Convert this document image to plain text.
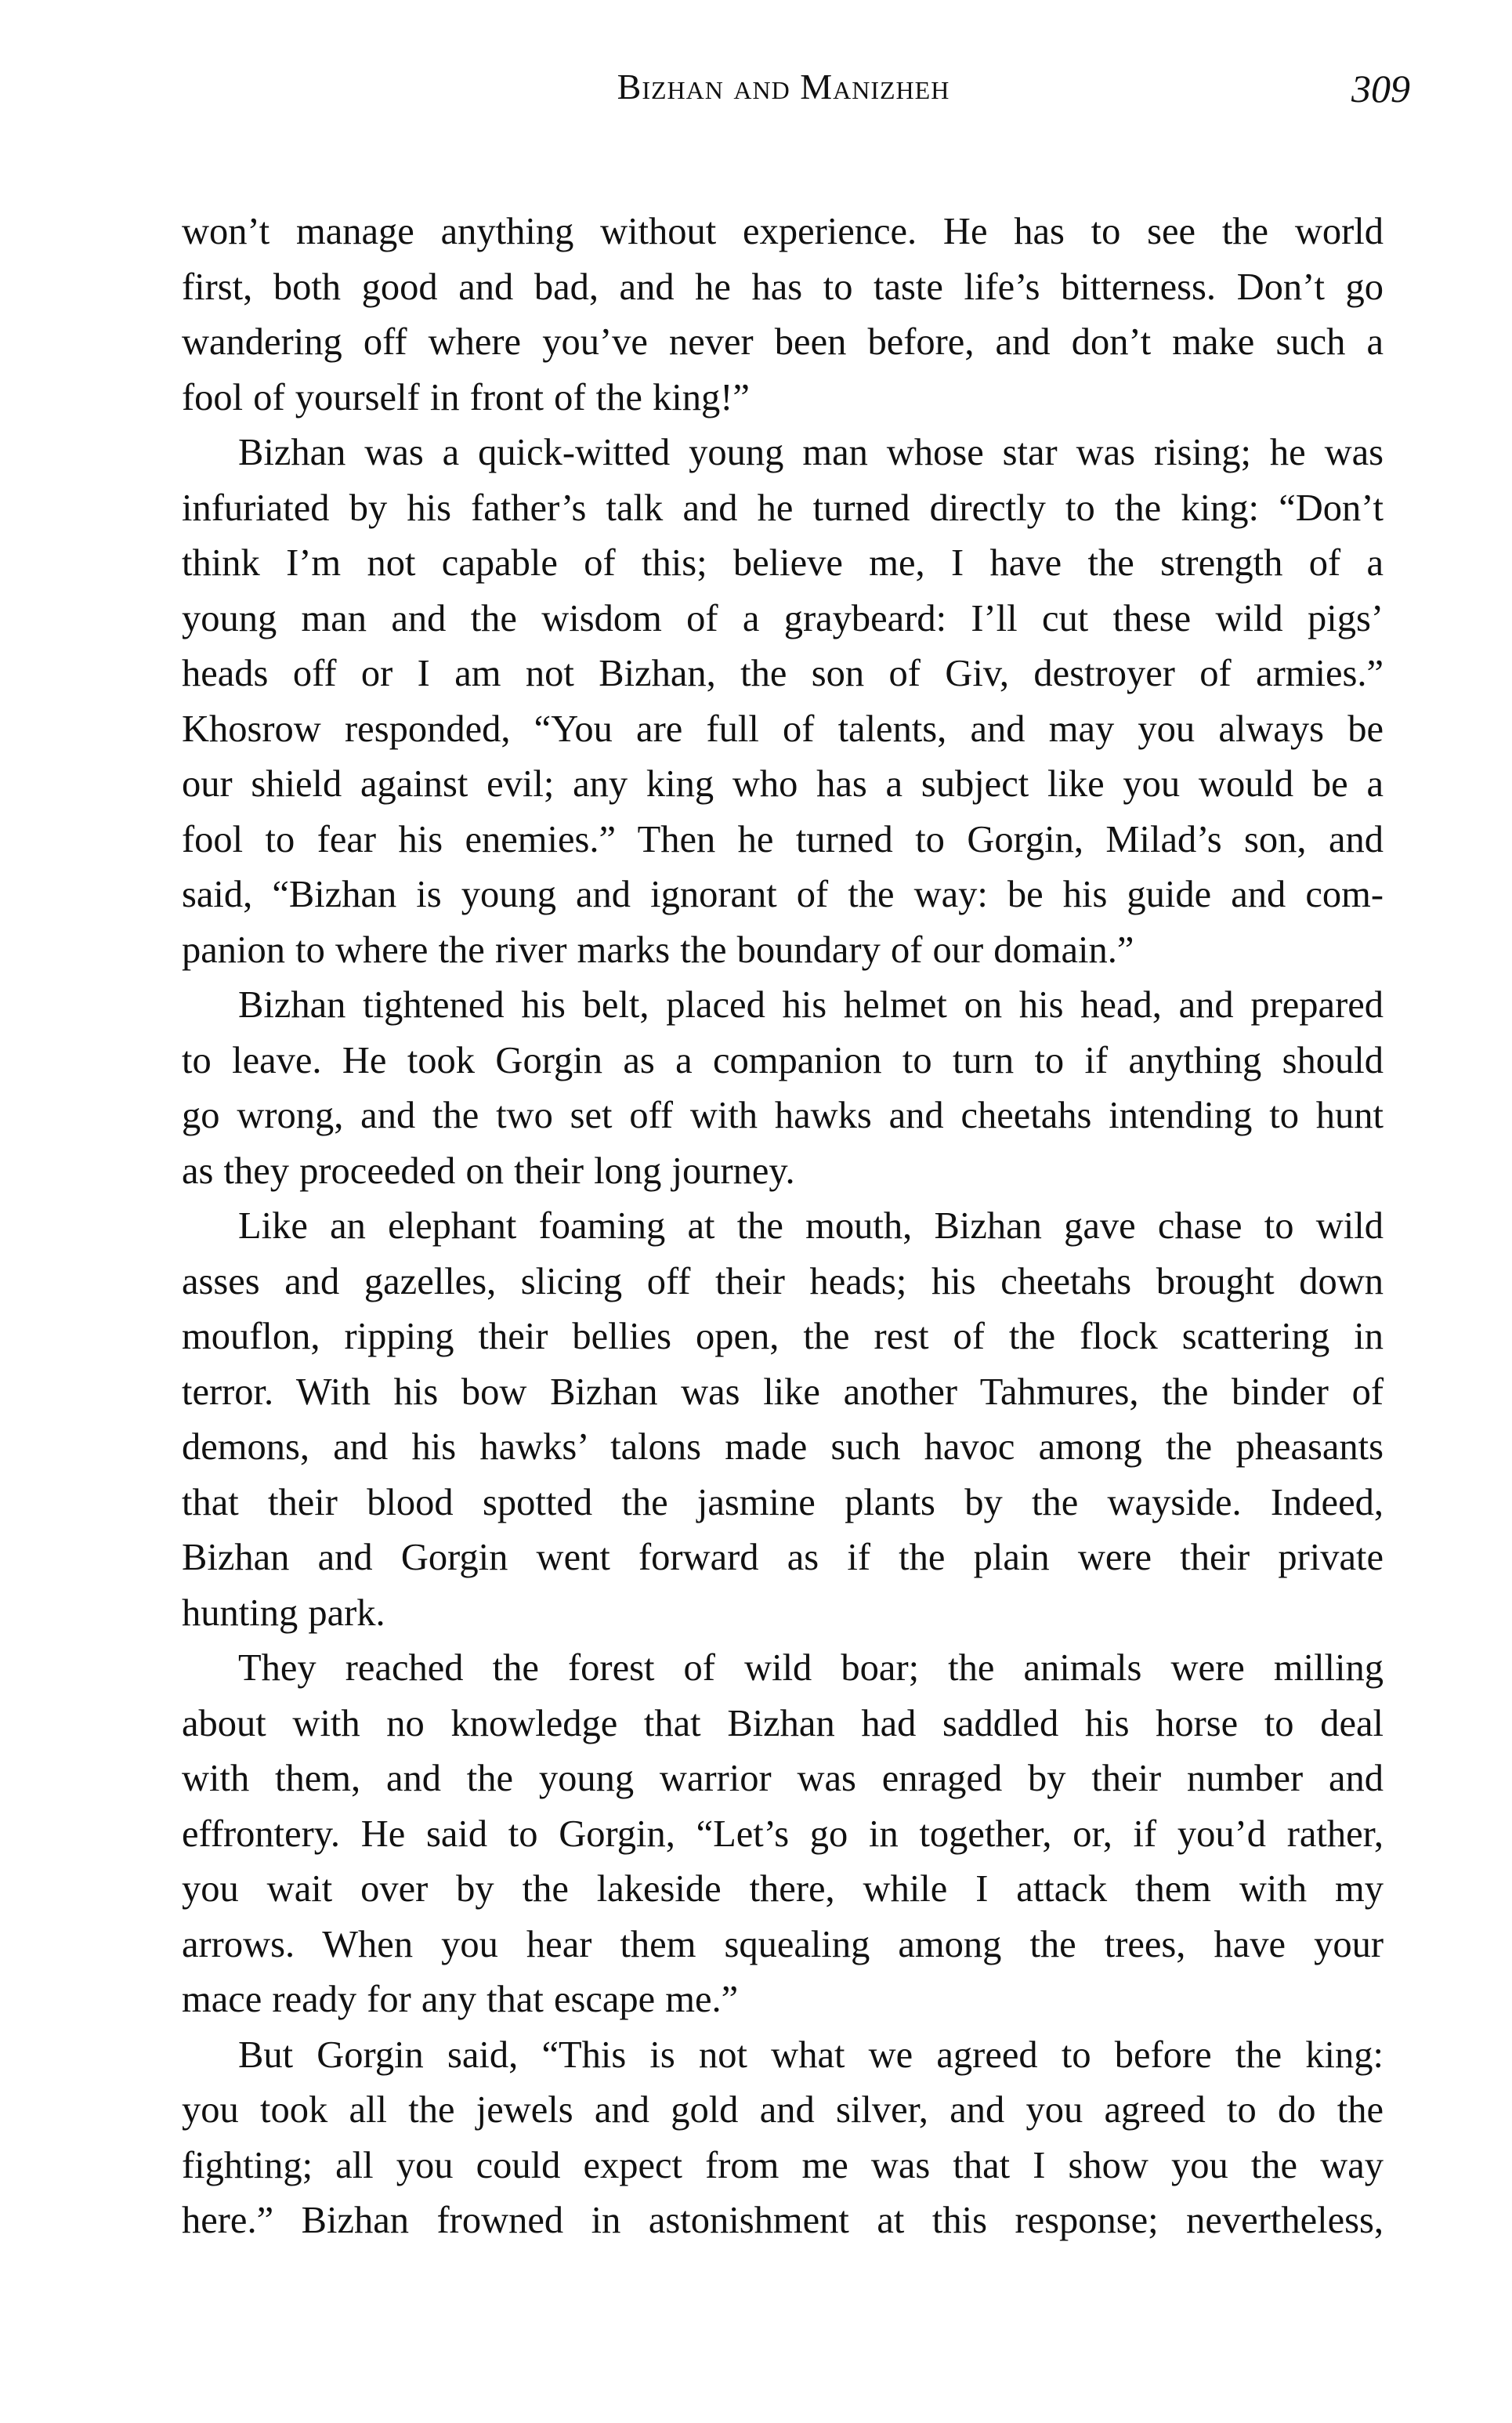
Bizhan and Manizheh	309
won’t manage anything without experience. He has to see the world
first, both good and bad, and he has to taste life’s bitterness. Don’t go
wandering off where you’ve never been before, and don’t make such a
fool of yourself in front of the king!”
Bizhan was a quick-witted young man whose star was rising; he was
infuriated by his father’s talk and he turned directly to the king: “Don’t
think I’m not capable of this; believe me, I have the strength of a
young man and the wisdom of a graybeard: I’ll cut these wild pigs’
heads off or I am not Bizhan, the son of Giv, destroyer of armies.”
Khosrow responded, “You are full of talents, and may you always be
our shield against evil; any king who has a subject like you would be a
fool to fear his enemies.” Then he turned to Gorgin, Milad’s son, and
said, “Bizhan is young and ignorant of the way: be his guide and com-
panion to where the river marks the boundary of our domain.”
Bizhan tightened his belt, placed his helmet on his head, and prepared
to leave. He took Gorgin as a companion to turn to if anything should
go wrong, and the two set off with hawks and cheetahs intending to hunt
as they proceeded on their long journey.
Like an elephant foaming at the mouth, Bizhan gave chase to wild
asses and gazelles, slicing off their heads; his cheetahs brought down
mouflon, ripping their bellies open, the rest of the flock scattering in
terror. With his bow Bizhan was like another Tahmures, the binder of
demons, and his hawks’ talons made such havoc among the pheasants
that their blood spotted the jasmine plants by the wayside. Indeed,
Bizhan and Gorgin went forward as if the plain were their private
hunting park.
They reached the forest of wild boar; the animals were milling
about with no knowledge that Bizhan had saddled his horse to deal
with them, and the young warrior was enraged by their number and
effrontery. He said to Gorgin, “Let’s go in together, or, if you’d rather,
you wait over by the lakeside there, while I attack them with my
arrows. When you hear them squealing among the trees, have your
mace ready for any that escape me.”
But Gorgin said, “This is not what we agreed to before the king:
you took all the jewels and gold and silver, and you agreed to do the
fighting; all you could expect from me was that I show you the way
here.” Bizhan frowned in astonishment at this response; nevertheless,
